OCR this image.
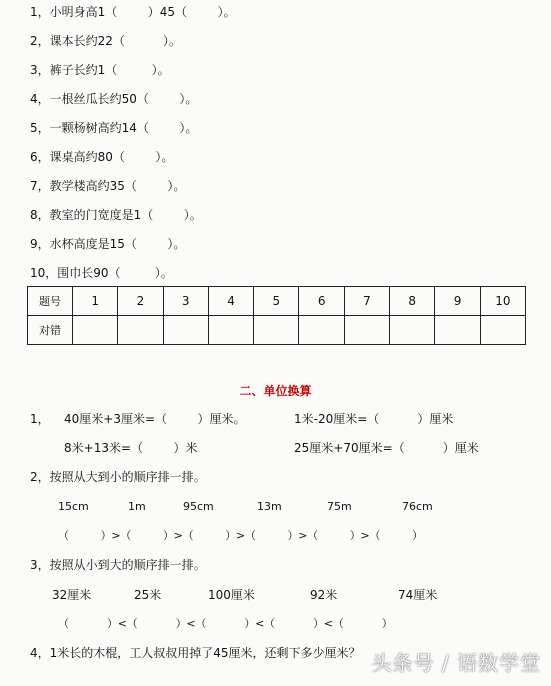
1，小明身高1（        ）45（        ）。
2，课本长约22（          ）。
3，裤子长约1（         ）。
4，一根丝瓜长约50（        ）。
5，一颗杨树高约14（        ）。
6，课桌高约80（        ）。
7，教学楼高约35（        ）。
8，教室的门宽度是1（        ）。
9，水杯高度是15（        ）。
10，围巾长90（         ）。
题号	1	2	3	4	5	6	7	8	9	10
对错										
二、单位换算
1， 40厘米+3厘米=（        ）厘米。	1米-20厘米=（          ）厘米
8米+13米=（        ）米	25厘米+70厘米=（          ）厘米
2，按照从大到小的顺序排一排。
15cm	1m	95cm	13m	75m	76cm
（          ）>（          ）>（          ）>（          ）>（          ）>（          ）
3，按照从小到大的顺序排一排。
32厘米	25米	100厘米	92米	74厘米
（            ）<（            ）<（            ）<（            ）<（            ）
4，1米长的木棍，工人叔叔用掉了45厘米，还剩下多少厘米？ 头条号 / 语数学堂
